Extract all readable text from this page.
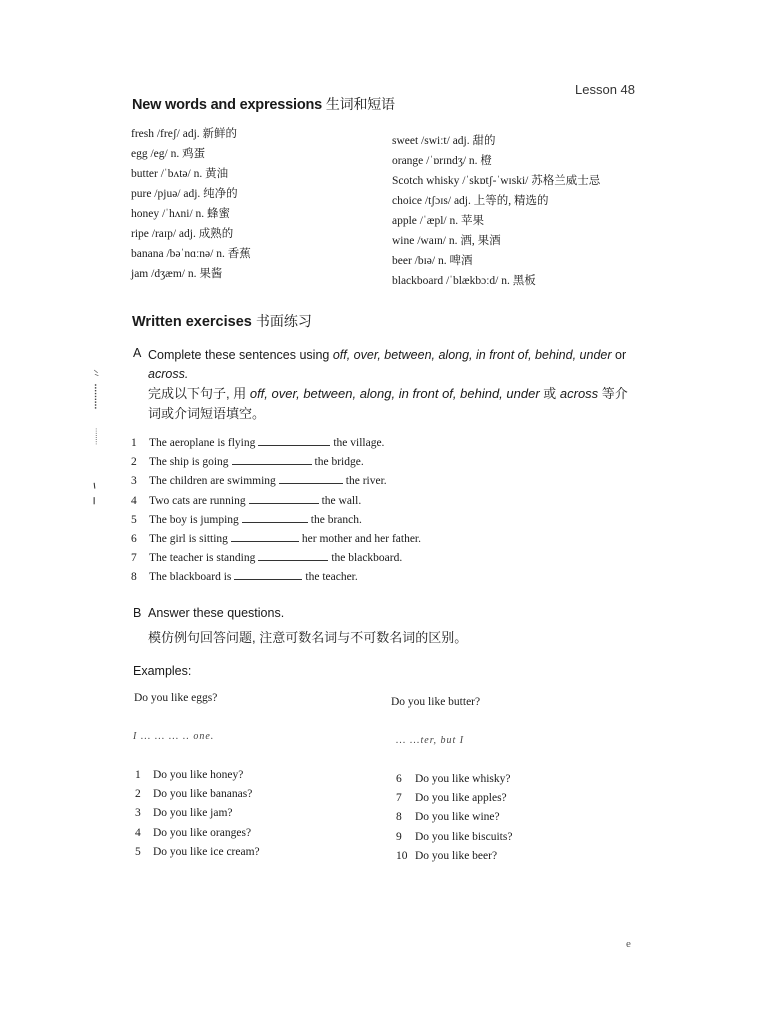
Lesson 48
New words and expressions 生词和短语
fresh /freʃ/ adj. 新鲜的
egg /eg/ n. 鸡蛋
butter /ˈbʌtə/ n. 黄油
pure /pjuə/ adj. 纯净的
honey /ˈhʌni/ n. 蜂蜜
ripe /raɪp/ adj. 成熟的
banana /bəˈnɑːnə/ n. 香蕉
jam /dʒæm/ n. 果酱
sweet /swiːt/ adj. 甜的
orange /ˈɒrɪndʒ/ n. 橙
Scotch whisky /ˈskɒtʃ-ˈwɪski/ 苏格兰威士忌
choice /tʃɔɪs/ adj. 上等的, 精选的
apple /ˈæpl/ n. 苹果
wine /waɪn/ n. 酒, 果酒
beer /bɪə/ n. 啤酒
blackboard /ˈblækbɔːd/ n. 黑板
Written exercises 书面练习
A Complete these sentences using off, over, between, along, in front of, behind, under or
across.
完成以下句子, 用 off, over, between, along, in front of, behind, under 或 across 等介词或介词短语填空。
1 The aeroplane is flying	the village.
2 The ship is going	the bridge.
3 The children are swimming	the river.
4 Two cats are running	the wall.
5 The boy is jumping	the branch.
6 The girl is sitting	her mother and her father.
7 The teacher is standing	the blackboard.
8 The blackboard is	the teacher.
B Answer these questions.
模仿例句回答问题, 注意可数名词与不可数名词的区别。
Examples:
Do you like eggs?	Do you like butter?
I ... ... ... .. one.	... ...ter, but I
1 Do you like honey?
2 Do you like bananas?
3 Do you like jam?
4 Do you like oranges?
5 Do you like ice cream?
6 Do you like whisky?
7 Do you like apples?
8 Do you like wine?
9 Do you like biscuits?
10 Do you like beer?
e
